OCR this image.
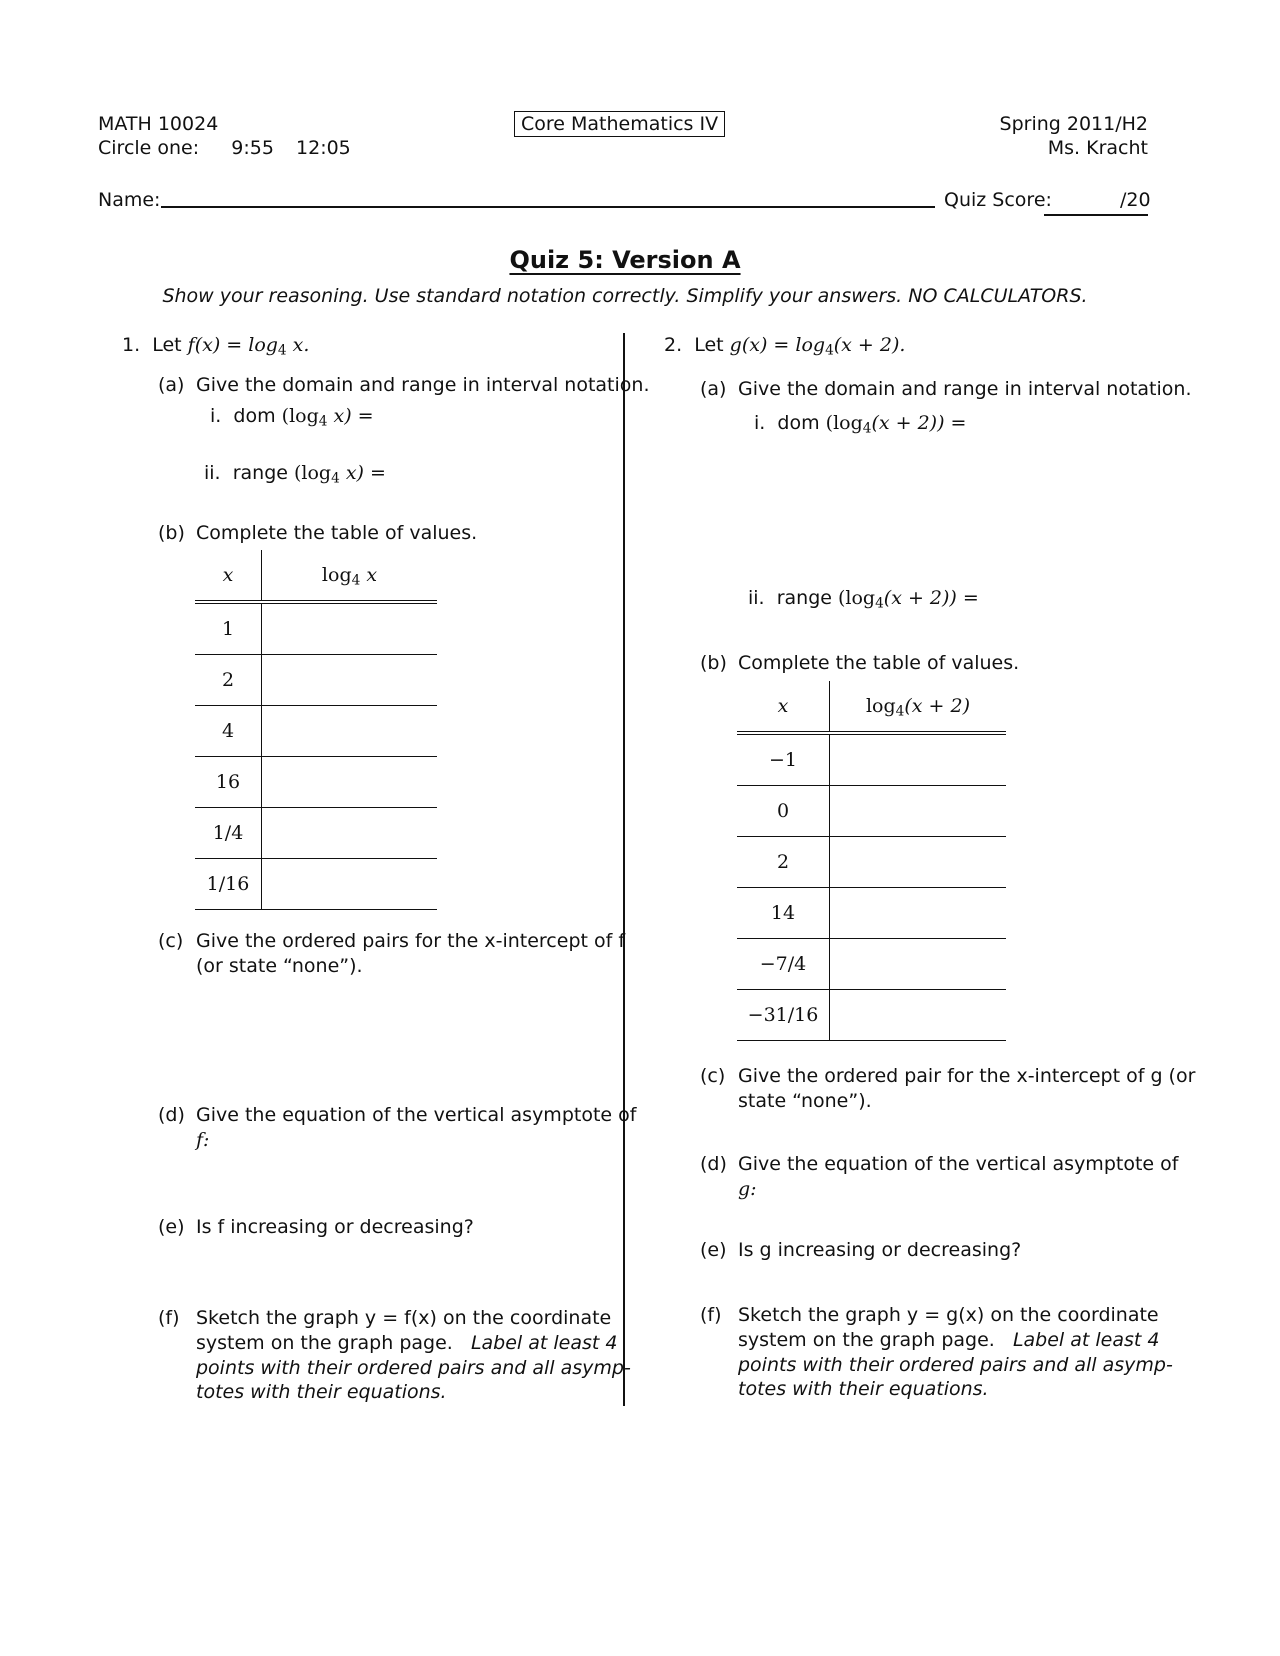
MATH 10024
Circle one: 9:55 12:05
Core Mathematics IV	Spring 2011/H2
Ms. Kracht
Name:	Quiz Score:	/20
Quiz 5: Version A
Show your reasoning. Use standard notation correctly. Simplify your answers. NO CALCULATORS.
1. Let $f(x) = \log_4 x$.
(a) Give the domain and range in interval notation.
i. dom ($\log_4$ x) =
ii. range ($\log_4$ x) =
(b) Complete the table of values.
x	$\log_4 x$
1	
2	
4	
16	
1/4	
1/16	
(c) Give the ordered pairs for the x-intercept of f
(or state “none”).
(d) Give the equation of the vertical asymptote of
f:
(e) Is f increasing or decreasing?
(f) Sketch the graph y = f(x) on the coordinate
system on the graph page. Label at least 4
points with their ordered pairs and all asymp-
totes with their equations.
2. Let $g(x) = \log_4(x + 2)$.
(a) Give the domain and range in interval notation.
i. dom $(\log_4(x + 2))$ =
ii. range $(\log_4(x + 2))$ =
(b) Complete the table of values.
x	$\log_4(x + 2)$
−1	
0	
2	
14	
−7/4	
−31/16	
(c) Give the ordered pair for the x-intercept of g (or
state “none”).
(d) Give the equation of the vertical asymptote of
g:
(e) Is g increasing or decreasing?
(f) Sketch the graph y = g(x) on the coordinate
system on the graph page. Label at least 4
points with their ordered pairs and all asymp-
totes with their equations.
